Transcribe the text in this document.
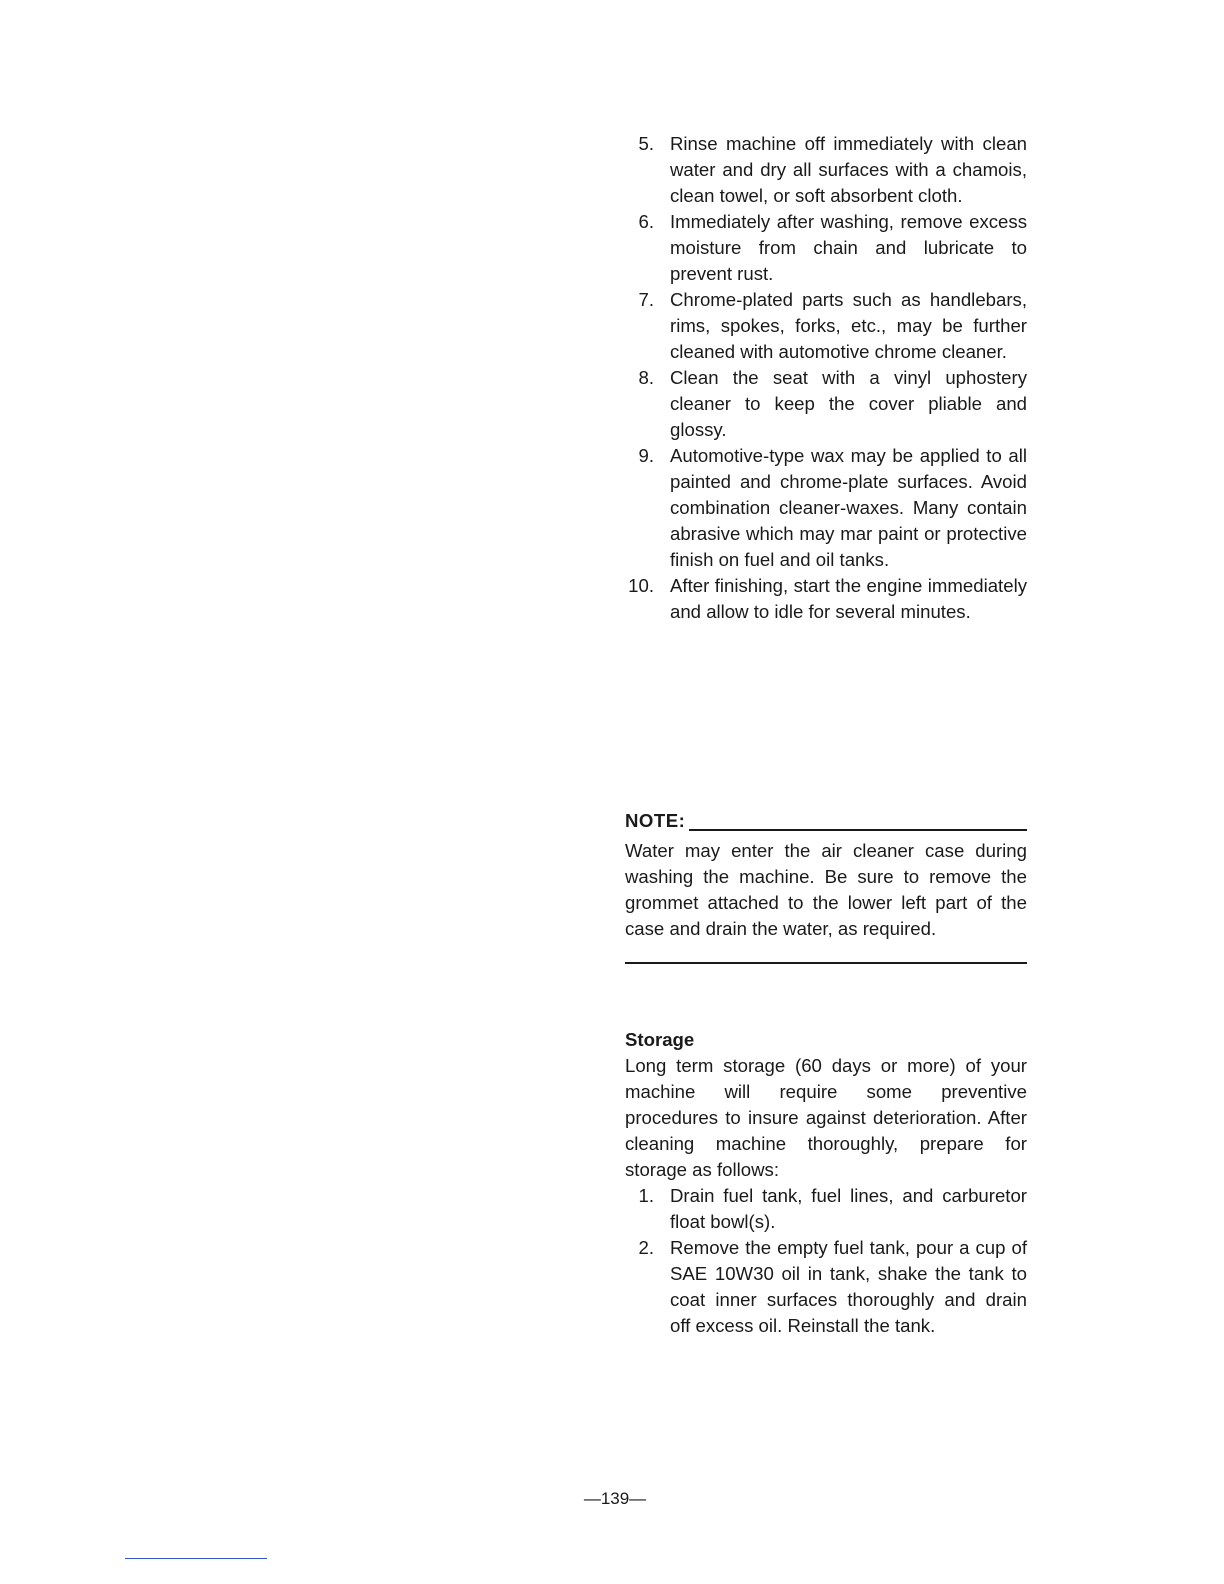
5. Rinse machine off immediately with clean water and dry all surfaces with a chamois, clean towel, or soft absorbent cloth.
6. Immediately after washing, remove excess moisture from chain and lubricate to prevent rust.
7. Chrome-plated parts such as handlebars, rims, spokes, forks, etc., may be further cleaned with automotive chrome cleaner.
8. Clean the seat with a vinyl uphostery cleaner to keep the cover pliable and glossy.
9. Automotive-type wax may be applied to all painted and chrome-plate surfaces. Avoid combination cleaner-waxes. Many contain abrasive which may mar paint or protective finish on fuel and oil tanks.
10. After finishing, start the engine immediately and allow to idle for several minutes.
NOTE:
Water may enter the air cleaner case during washing the machine. Be sure to remove the grommet attached to the lower left part of the case and drain the water, as required.
Storage

Long term storage (60 days or more) of your machine will require some preventive procedures to insure against deterioration. After cleaning machine thoroughly, prepare for storage as follows:

1. Drain fuel tank, fuel lines, and carburetor float bowl(s).
2. Remove the empty fuel tank, pour a cup of SAE 10W30 oil in tank, shake the tank to coat inner surfaces thoroughly and drain off excess oil. Reinstall the tank.
—139—
